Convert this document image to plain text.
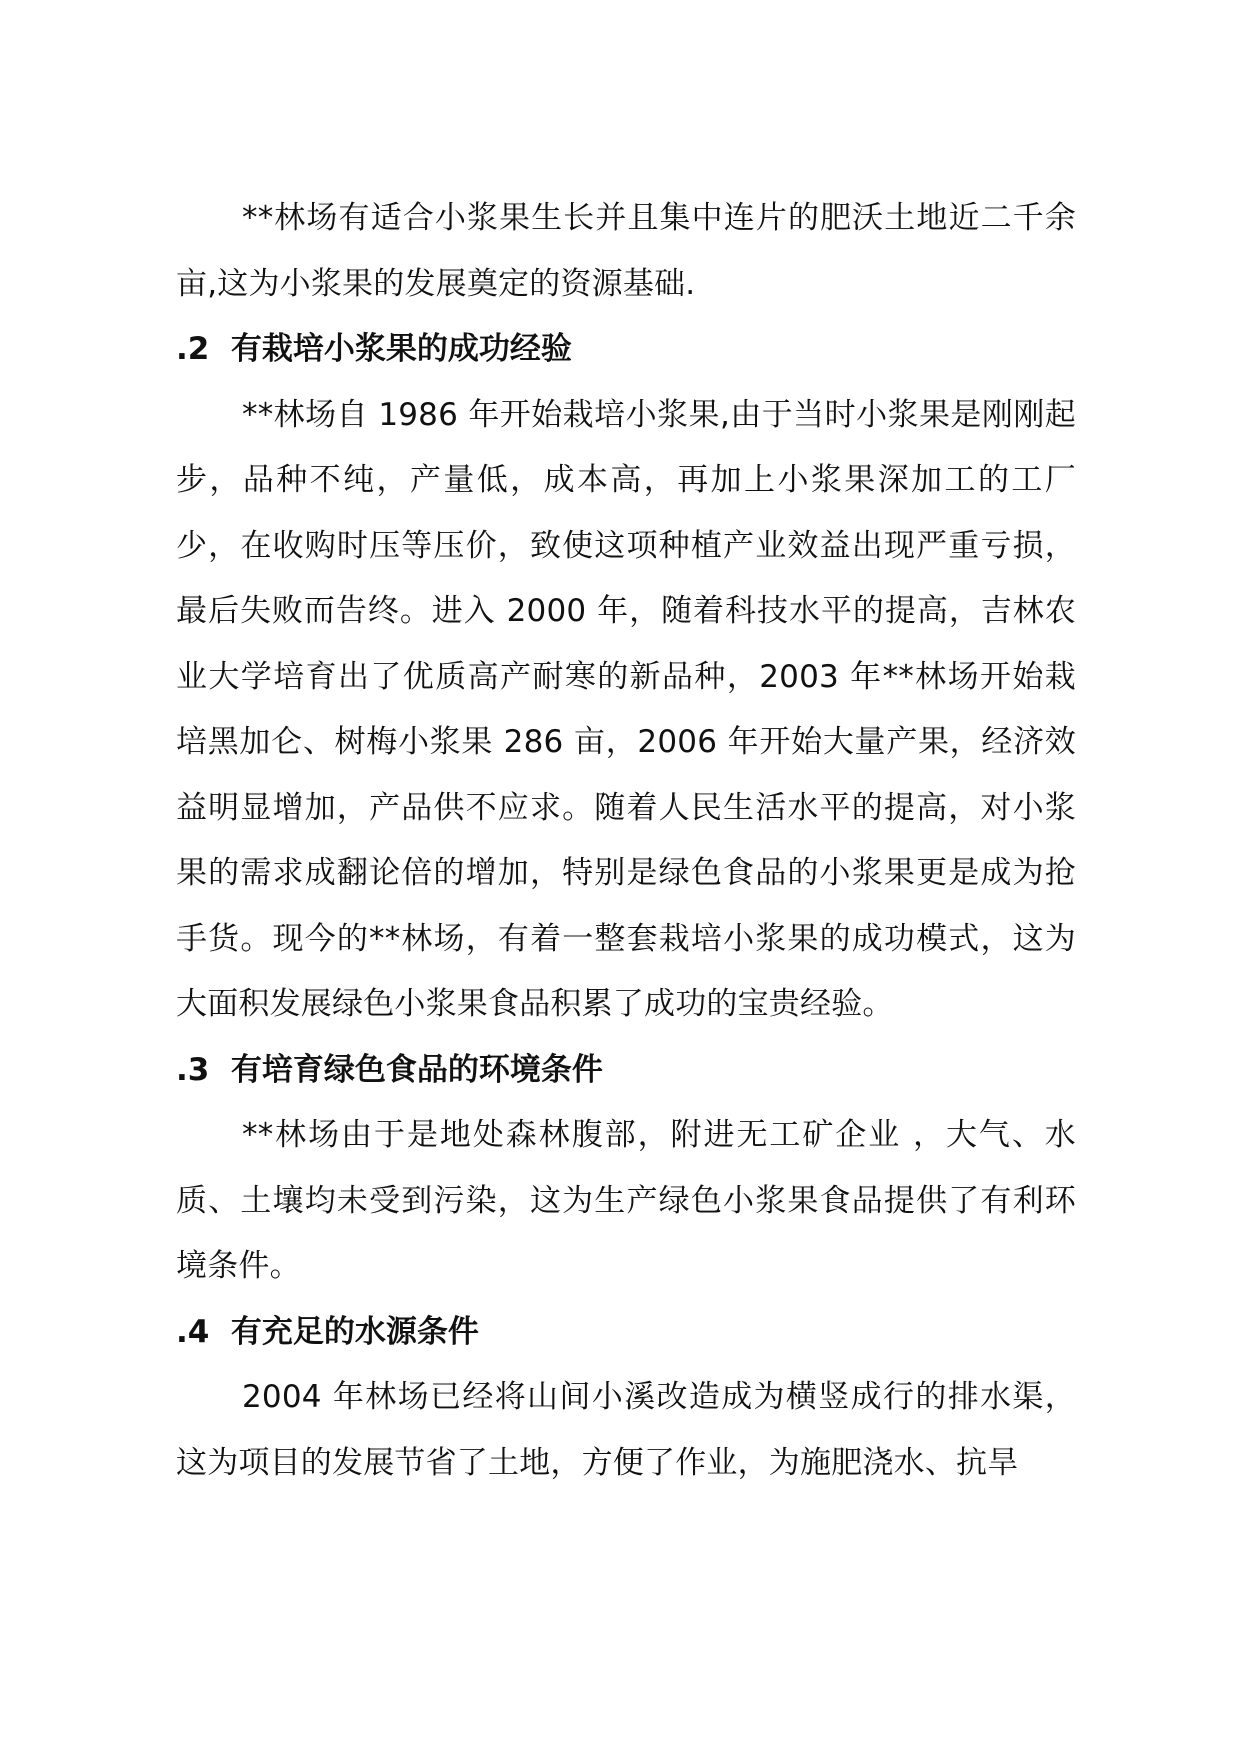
**林场有适合小浆果生长并且集中连片的肥沃土地近二千余亩,这为小浆果的发展奠定的资源基础.

.2  有栽培小浆果的成功经验

**林场自 1986 年开始栽培小浆果,由于当时小浆果是刚刚起步，品种不纯，产量低，成本高，再加上小浆果深加工的工厂少，在收购时压等压价，致使这项种植产业效益出现严重亏损，最后失败而告终。进入 2000 年，随着科技水平的提高，吉林农业大学培育出了优质高产耐寒的新品种，2003 年**林场开始栽培黑加仑、树梅小浆果 286 亩，2006 年开始大量产果，经济效益明显增加，产品供不应求。随着人民生活水平的提高，对小浆果的需求成翻论倍的增加，特别是绿色食品的小浆果更是成为抢手货。现今的**林场，有着一整套栽培小浆果的成功模式，这为大面积发展绿色小浆果食品积累了成功的宝贵经验。

.3  有培育绿色食品的环境条件

**林场由于是地处森林腹部，附进无工矿企业 ，大气、水质、土壤均未受到污染，这为生产绿色小浆果食品提供了有利环境条件。

.4  有充足的水源条件

2004 年林场已经将山间小溪改造成为横竖成行的排水渠，这为项目的发展节省了土地，方便了作业，为施肥浇水、抗旱
